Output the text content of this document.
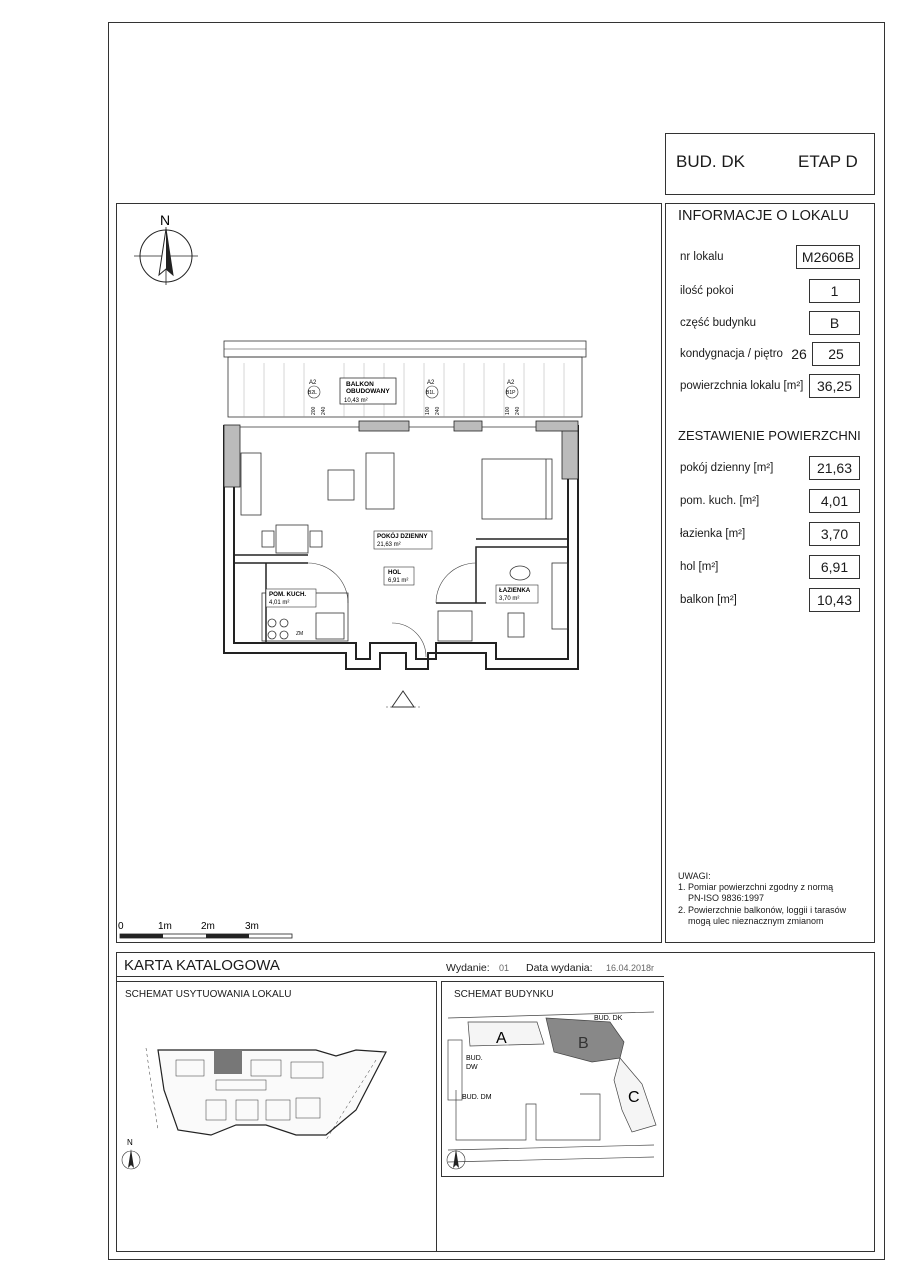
BUD. DK	ETAP D
INFORMACJE O LOKALU
nr lokalu	M2606B
ilość pokoi	1
część budynku	B
kondygnacja / piętro 26	25
powierzchnia lokalu [m²] 36,25
ZESTAWIENIE POWIERZCHNI
pokój dzienny [m²]	21,63
pom. kuch. [m²]	4,01
łazienka [m²]	3,70
hol [m²]	6,91
balkon [m²]	10,43
UWAGI:
1. Pomiar powierzchni zgodny z normą
PN-ISO 9836:1997
2. Powierzchnie balkonów, loggii i tarasów
mogą ulec nieznacznym zmianom
N
BALKON
OBUDOWANY
10,43 m²
A2
B2L
200 240
A2
B1L
100 240
A2
B1P
100 240
ZM
POKÓJ DZIENNY
21,63 m²
HOL
6,91 m²
ŁAZIENKA
3,70 m²
POM. KUCH.
4,01 m²
0	1m	2m	3m
KARTA KATALOGOWA	Wydanie: 01 Data wydania: 16.04.2018r
SCHEMAT USYTUOWANIA LOKALU
N
SCHEMAT BUDYNKU
A	B
C
BUD. DK
BUD.
DW
BUD. DM
